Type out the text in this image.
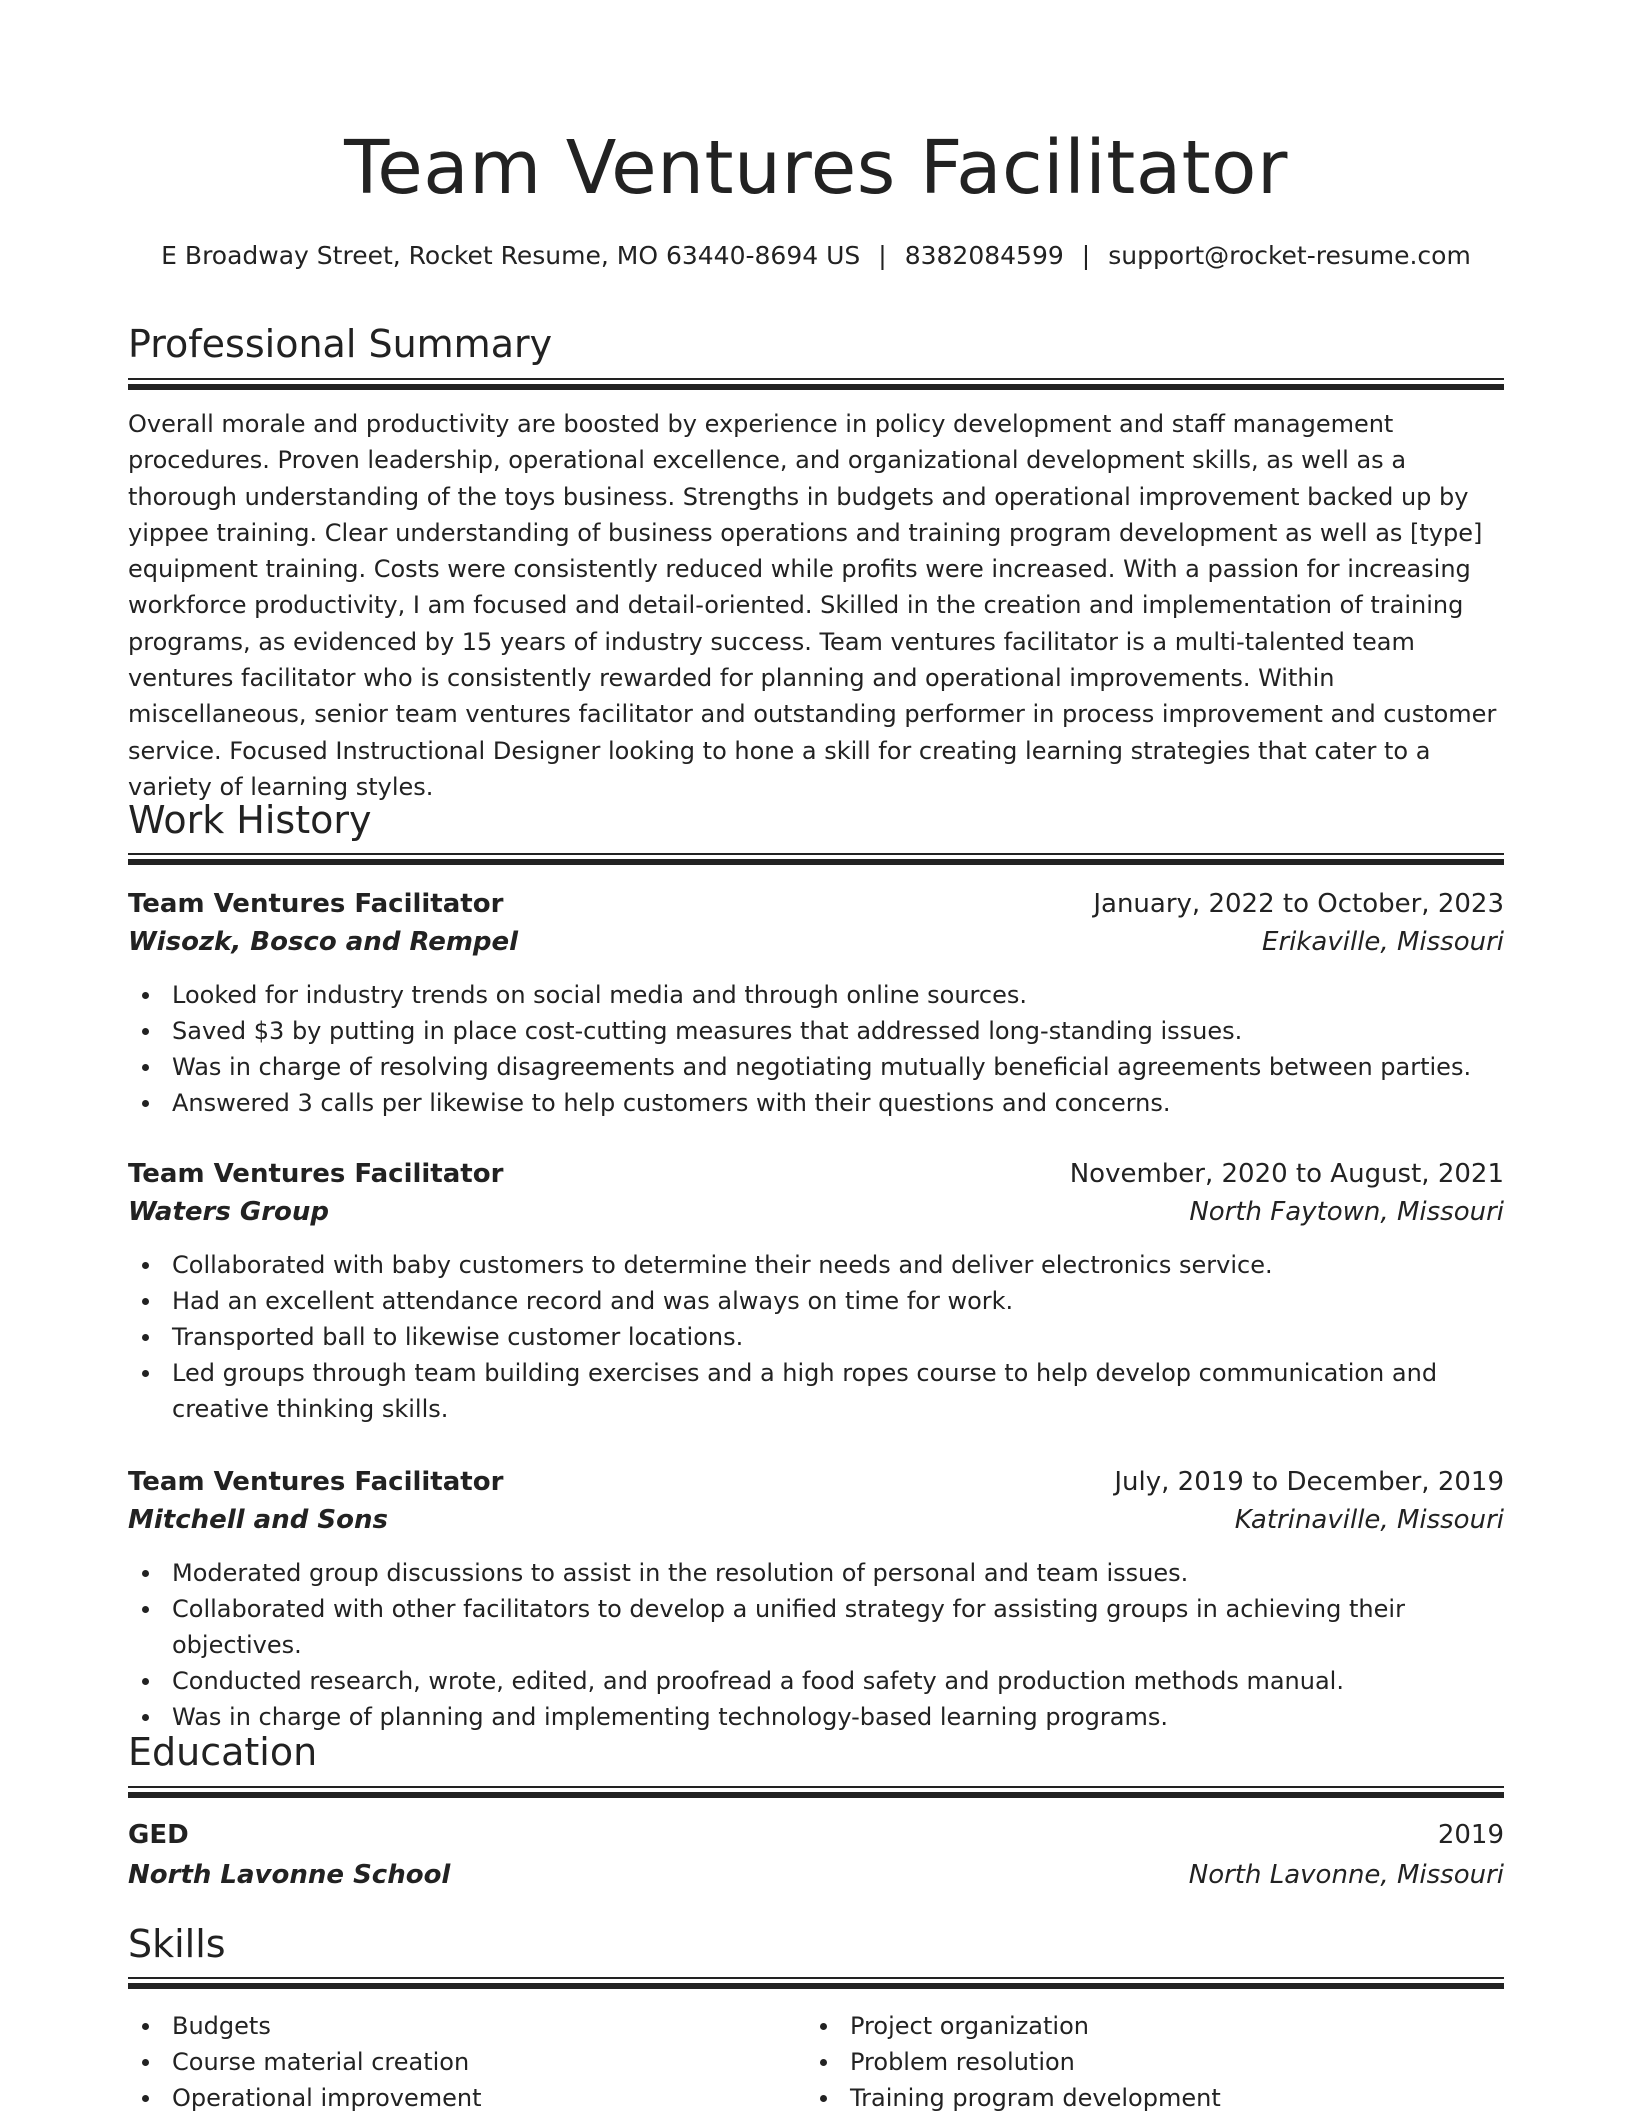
Team Ventures Facilitator
E Broadway Street, Rocket Resume, MO 63440-8694 US | 8382084599 | support@rocket-resume.com
Professional Summary

Overall morale and productivity are boosted by experience in policy development and staff management procedures. Proven leadership, operational excellence, and organizational development skills, as well as a thorough understanding of the toys business. Strengths in budgets and operational improvement backed up by yippee training. Clear understanding of business operations and training program development as well as [type] equipment training. Costs were consistently reduced while profits were increased. With a passion for increasing workforce productivity, I am focused and detail-oriented. Skilled in the creation and implementation of training programs, as evidenced by 15 years of industry success. Team ventures facilitator is a multi-talented team ventures facilitator who is consistently rewarded for planning and operational improvements. Within miscellaneous, senior team ventures facilitator and outstanding performer in process improvement and customer service. Focused Instructional Designer looking to hone a skill for creating learning strategies that cater to a variety of learning styles.

Work History
Team Ventures Facilitator	January, 2022 to October, 2023
Wisozk, Bosco and Rempel	Erikaville, Missouri
Looked for industry trends on social media and through online sources.
Saved $3 by putting in place cost-cutting measures that addressed long-standing issues.
Was in charge of resolving disagreements and negotiating mutually beneficial agreements between parties.
Answered 3 calls per likewise to help customers with their questions and concerns.
Team Ventures Facilitator	November, 2020 to August, 2021
Waters Group	North Faytown, Missouri
Collaborated with baby customers to determine their needs and deliver electronics service.
Had an excellent attendance record and was always on time for work.
Transported ball to likewise customer locations.
Led groups through team building exercises and a high ropes course to help develop communication and creative thinking skills.
Team Ventures Facilitator	July, 2019 to December, 2019
Mitchell and Sons	Katrinaville, Missouri
Moderated group discussions to assist in the resolution of personal and team issues.
Collaborated with other facilitators to develop a unified strategy for assisting groups in achieving their objectives.
Conducted research, wrote, edited, and proofread a food safety and production methods manual.
Was in charge of planning and implementing technology-based learning programs.
Education
GED	2019
North Lavonne School	North Lavonne, Missouri
Skills
Budgets
Course material creation
Operational improvement
Project organization
Problem resolution
Training program development
